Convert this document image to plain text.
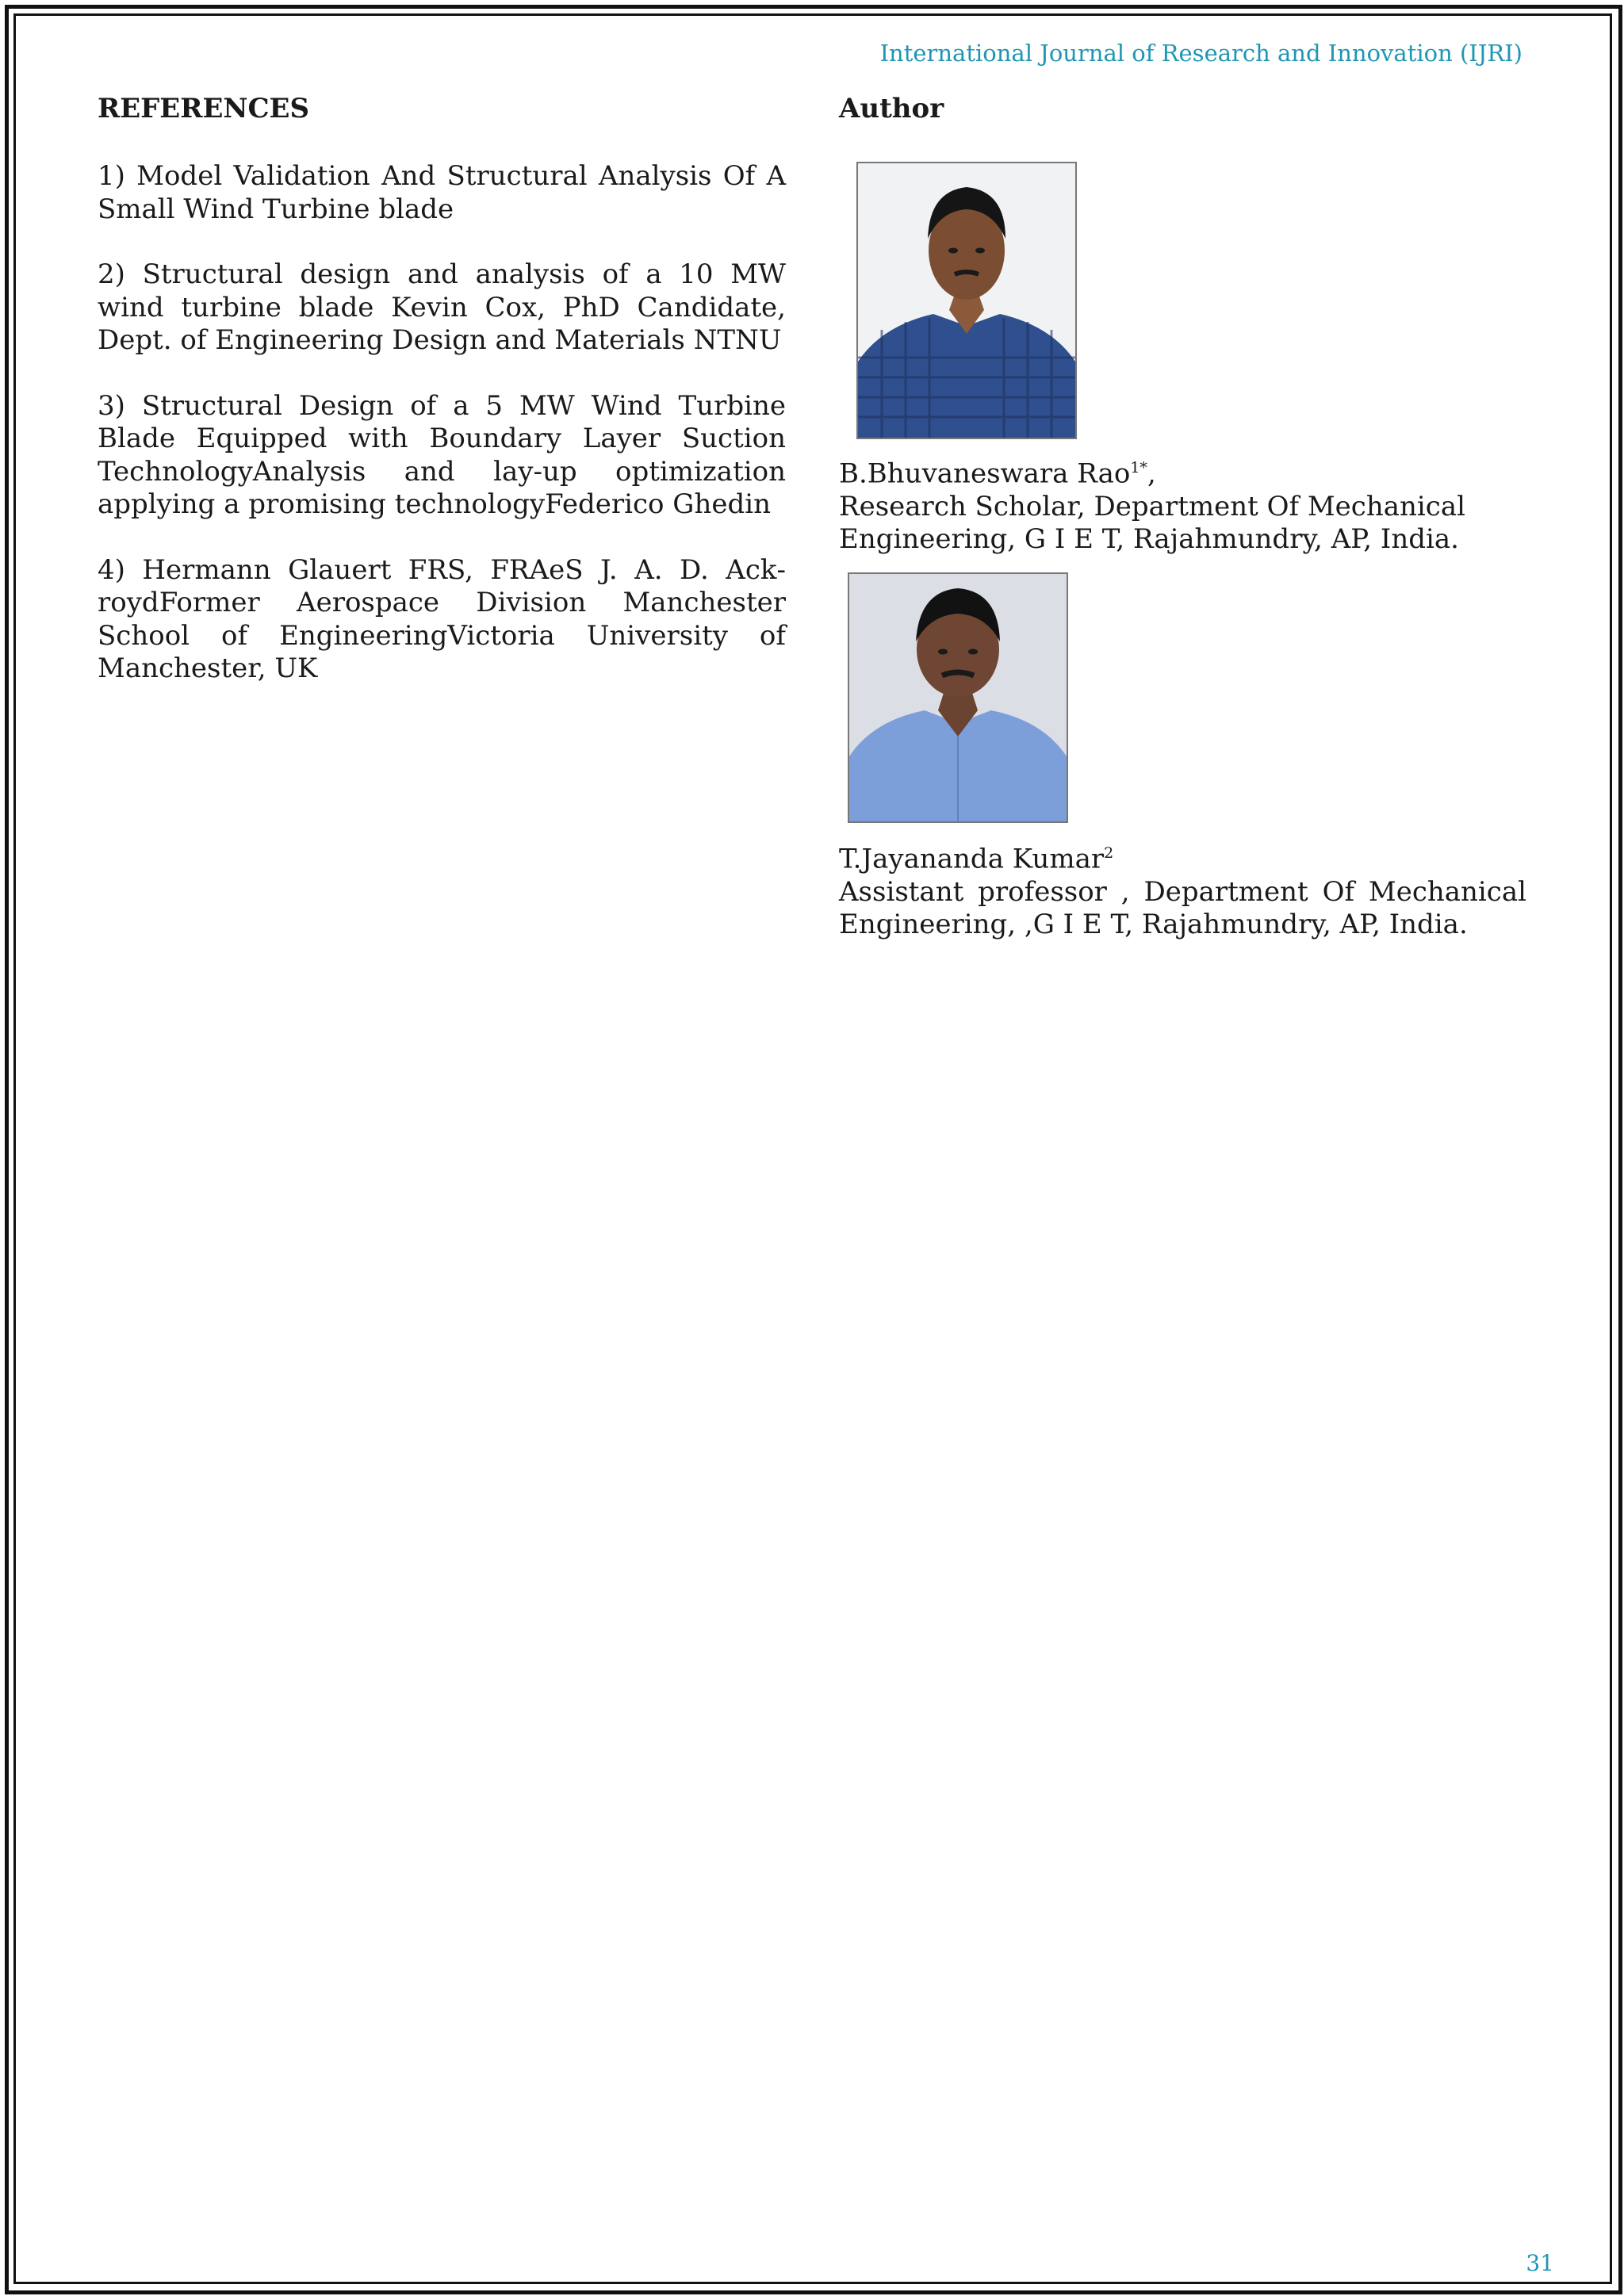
International Journal of Research and Innovation (IJRI)
REFERENCES

1) Model Validation And Structural Analysis Of A Small Wind Turbine blade

2) Structural design and analysis of a 10 MW wind turbine blade Kevin Cox, PhD Candidate, Dept. of Engineering Design and Materials NTNU

3) Structural Design of a 5 MW Wind Turbine Blade Equipped with Boundary Layer Suction TechnologyAnalysis and lay-up optimization applying a promising technologyFederico Ghedin

4) Hermann Glauert FRS, FRAeS J. A. D. AckroydFormer Aerospace Division Manchester School of EngineeringVictoria University of Manchester, UK

Author
B.Bhuvaneswara Rao$^{1*}$,
Research Scholar, Department Of Mechanical
Engineering, G I E T, Rajahmundry, AP, India.
T.Jayananda Kumar$^2$
Assistant professor , Department Of Mechanical
Engineering, ,G I E T, Rajahmundry, AP, India.
31
